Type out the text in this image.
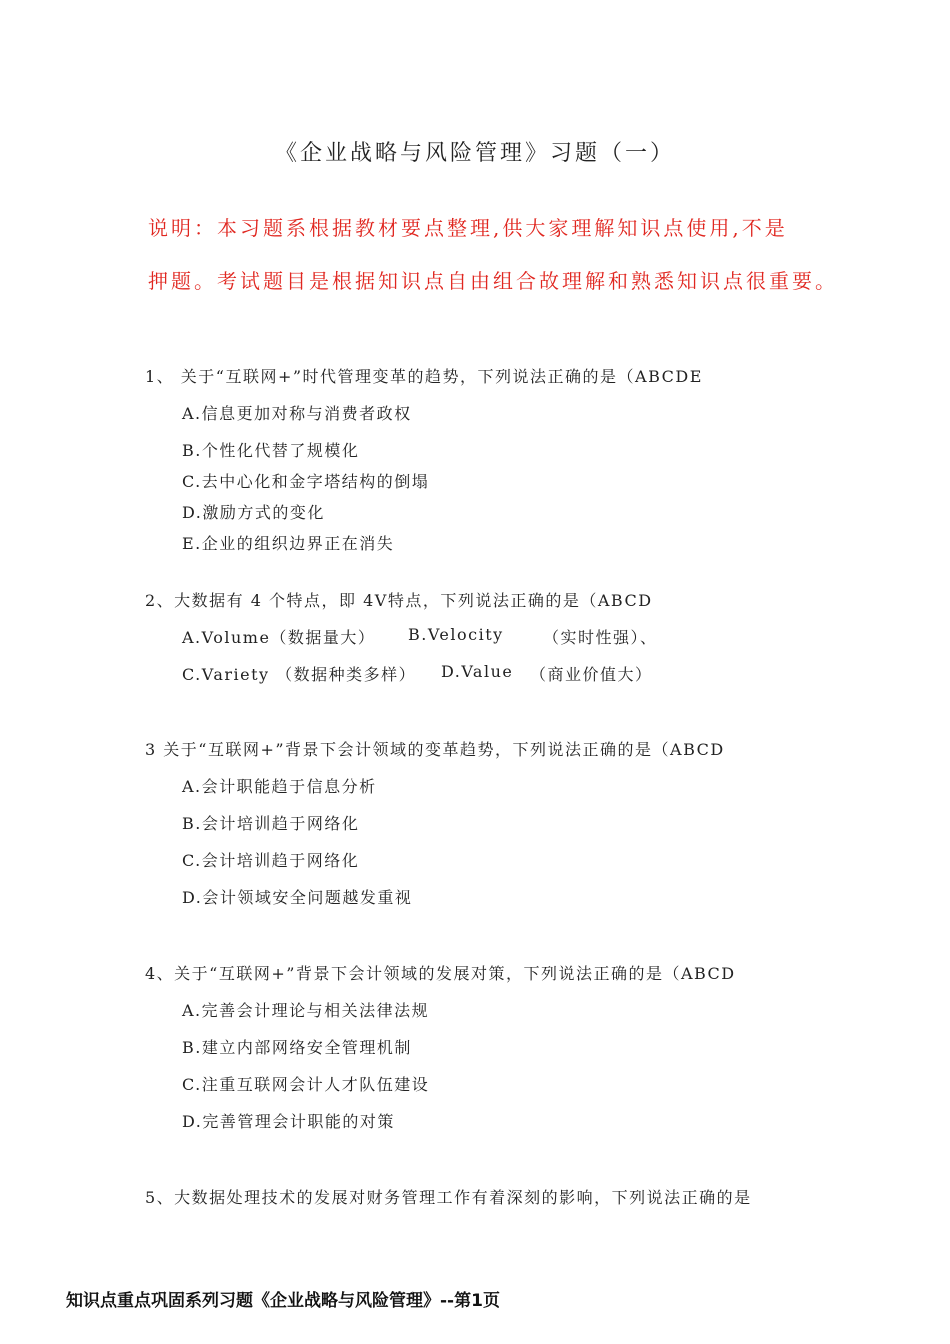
《企业战略与风险管理》习题（一）
说明：本习题系根据教材要点整理,供大家理解知识点使用,不是
押题。考试题目是根据知识点自由组合故理解和熟悉知识点很重要。
1、 关于“互联网+”时代管理变革的趋势，下列说法正确的是（ABCDE
A.信息更加对称与消费者政权
B.个性化代替了规模化
C.去中心化和金字塔结构的倒塌
D.激励方式的变化
E.企业的组织边界正在消失
2、大数据有 4 个特点，即 4V特点，下列说法正确的是（ABCD
A.Volume（数据量大） B.Velocity （实时性强）、
C.Variety （数据种类多样） D.Value （商业价值大）
3 关于“互联网+”背景下会计领域的变革趋势，下列说法正确的是（ABCD
A.会计职能趋于信息分析
B.会计培训趋于网络化
C.会计培训趋于网络化
D.会计领域安全问题越发重视
4、关于“互联网+”背景下会计领域的发展对策，下列说法正确的是（ABCD
A.完善会计理论与相关法律法规
B.建立内部网络安全管理机制
C.注重互联网会计人才队伍建设
D.完善管理会计职能的对策
5、大数据处理技术的发展对财务管理工作有着深刻的影响，下列说法正确的是
知识点重点巩固系列习题《企业战略与风险管理》--第1页
